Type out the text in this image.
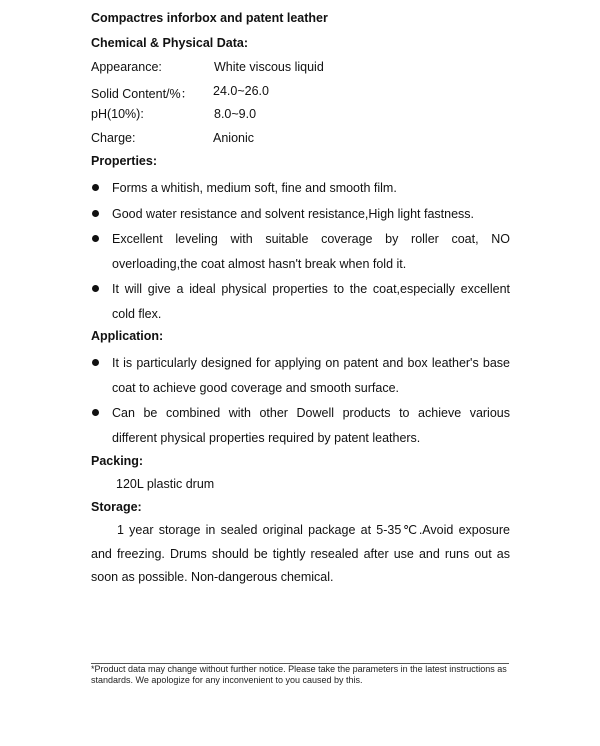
Compactres inforbox and patent leather
Chemical & Physical Data:
Appearance:	White viscous liquid
Solid Content/%： 24.0~26.0
pH(10%):	8.0~9.0
Charge:	Anionic
Properties:
Forms a whitish, medium soft, fine and smooth film.
Good water resistance and solvent resistance,High light fastness.
Excellent leveling with suitable coverage by roller coat, NO overloading,the coat almost hasn't break when fold it.
It will give a ideal physical properties to the coat,especially excellent cold flex.
Application:
It is particularly designed for applying on patent and box leather's base coat to achieve good coverage and smooth surface.
Can be combined with other Dowell products to achieve various different physical properties required by patent leathers.
Packing:
120L plastic drum
Storage:
1 year storage in sealed original package at 5-35℃.Avoid exposure and freezing. Drums should be tightly resealed after use and runs out as soon as possible. Non-dangerous chemical.
*Product data may change without further notice. Please take the parameters in the latest instructions as standards. We apologize for any inconvenient to you caused by this.
